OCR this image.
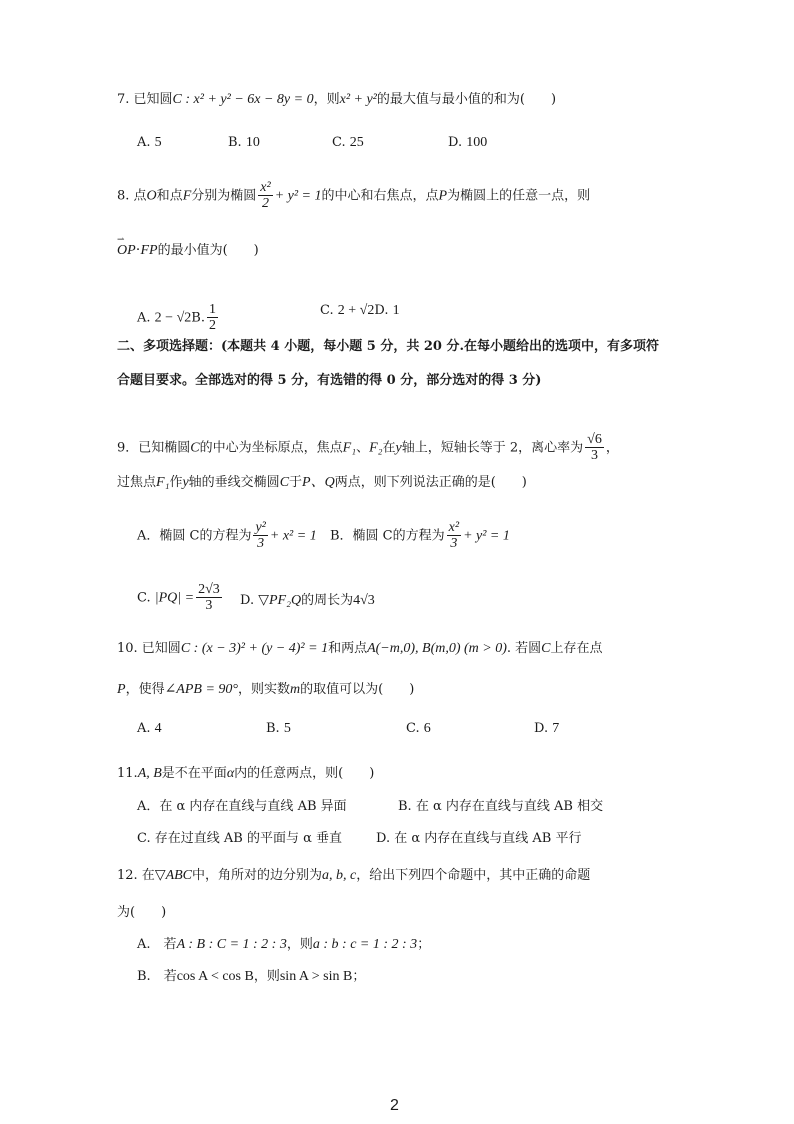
7. 已知圆C : x² + y² − 6x − 8y = 0，则x² + y²的最大值与最小值的和为(　　)
A. 5	B. 10	C. 25	D. 100
8. 点O和点F分别为椭圆 $\frac{\text{x²}}{2} + y^2 = 1$的中心和右焦点，点P为椭圆上的任意一点，则
⇀ OP⋅FP的最小值为(　　)
A. 2 − √2B. $\frac{1}{2}$	C. 2 + √2D. 1
二、多项选择题：(本题共 4 小题，每小题 5 分，共 20 分.在每小题给出的选项中，有多项符
合题目要求。全部选对的得 5 分，有选错的得 0 分，部分选对的得 3 分)
9．已知椭圆C的中心为坐标原点，焦点F₁、F₂在y轴上，短轴长等于 2，离心率为 $\frac{√6}{3}$ ，
过焦点F₁作y轴的垂线交椭圆C于P、Q两点，则下列说法正确的是(　　)
A．椭圆 C的方程为 $\frac{\text{y²}}{3} + x^2 = 1$ B．椭圆 C的方程为 $\frac{\text{x²}}{3} + y^2 = 1$
C. $|PQ| = \frac{2√3}{3} D$. ▽PF₂Q的周长为4√3
10. 已知圆C : (x − 3)² + (y − 4)² = 1和两点A(−m,0), B(m,0) (m > 0). 若圆C上存在点
P，使得∠APB = 90°，则实数m的取值可以为(　　)
A. 4	B. 5	C. 6	D. 7
11.A, B是不在平面α内的任意两点，则(　　)
A．在 α 内存在直线与直线 AB 异面	B. 在 α 内存在直线与直线 AB 相交
C. 存在过直线 AB 的平面与 α 垂直	D. 在 α 内存在直线与直线 AB 平行
12. 在▽ABC中，角所对的边分别为a, b, c，给出下列四个命题中，其中正确的命题
为(　　)
A.　 若A : B : C = 1 : 2 : 3，则a : b : c = 1 : 2 : 3；
B.　 若cos A < cos B，则sin A > sin B；
2
